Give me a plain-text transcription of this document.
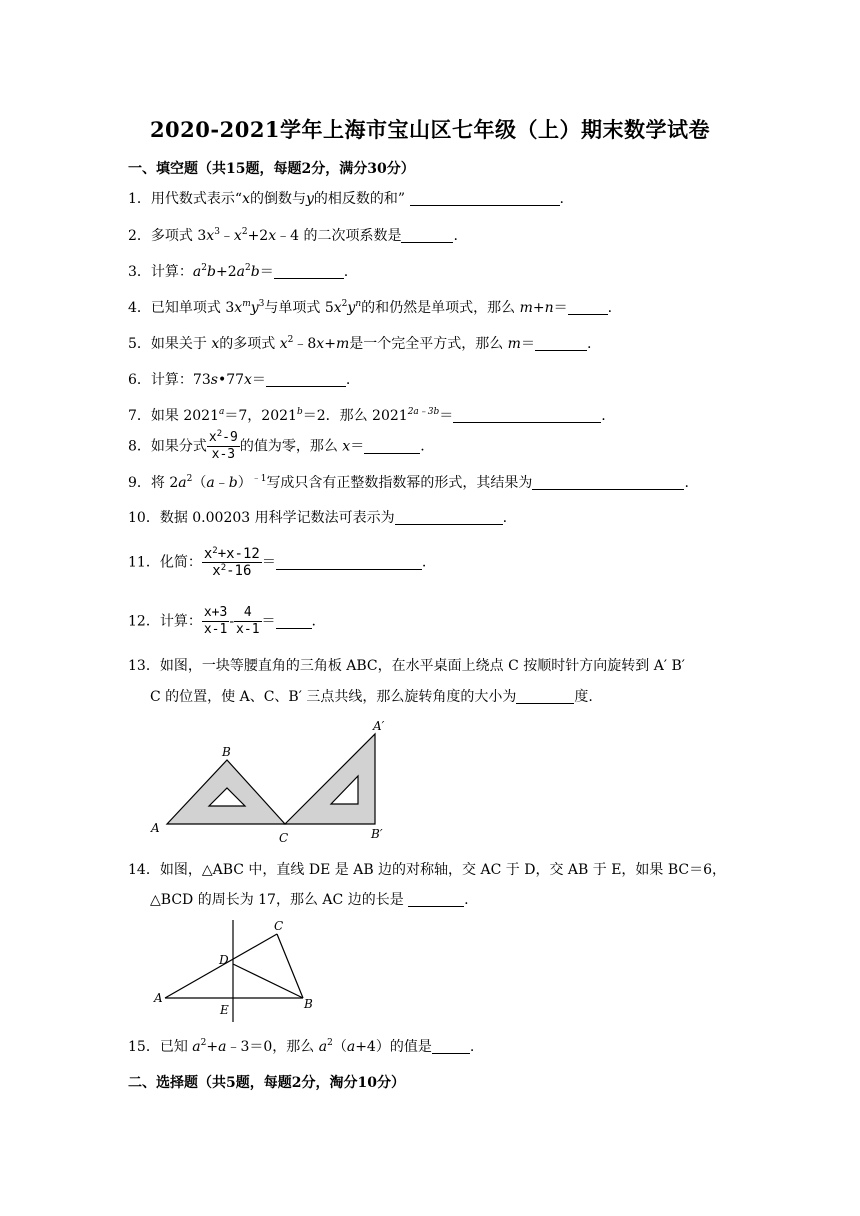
2020-2021学年上海市宝山区七年级（上）期末数学试卷
一、填空题（共15题，每题2分，满分30分）
1．用代数式表示“x的倒数与y的相反数的和”	.
2．多项式 $3x^3﹣x^2+2x﹣4$ 的二次项系数是	.
3．计算：$a^2b+2a^2b=$	.
4．已知单项式 $3x^my^3$与单项式 $5x^2y^n$的和仍然是单项式，那么 m+n＝	.
5．如果关于 x的多项式 $x^2﹣8x+m$是一个完全平方式，那么 m＝	.
6．计算：73s•77x＝	.
7．如果 $2021^a=7$，$2021^b=2$．那么 $2021^{2a﹣3b}=$	.
8．如果分式 $\frac{x^2-9}{x-3}$ 的值为零，那么 x＝	.
9．将 $2a^2(a﹣b)^{﹣1}$写成只含有正整数指数幂的形式，其结果为	.
10．数据 0.00203 用科学记数法可表示为	.
11．化简： $\frac{x^2+x-12}{x^2-16}$ ＝	.
12．计算： $\frac{x+3}{x-1} - \frac{4}{x-1}$ ＝	.
13．如图，一块等腰直角的三角板 ABC，在水平桌面上绕点 C 按顺时针方向旋转到 A′ B′
C 的位置，使 A、C、B′ 三点共线，那么旋转角度的大小为	度.
A
B
C
A′
B′
14．如图，△ABC 中，直线 DE 是 AB 边的对称轴，交 AC 于 D，交 AB 于 E，如果 BC＝6，
△BCD 的周长为 17，那么 AC 边的长是	.
A	B
C
D
E
15．已知 $a^2+a﹣3=0$，那么 $a^2(a+4)$的值是	.
二、选择题（共5题，每题2分，淘分10分）
